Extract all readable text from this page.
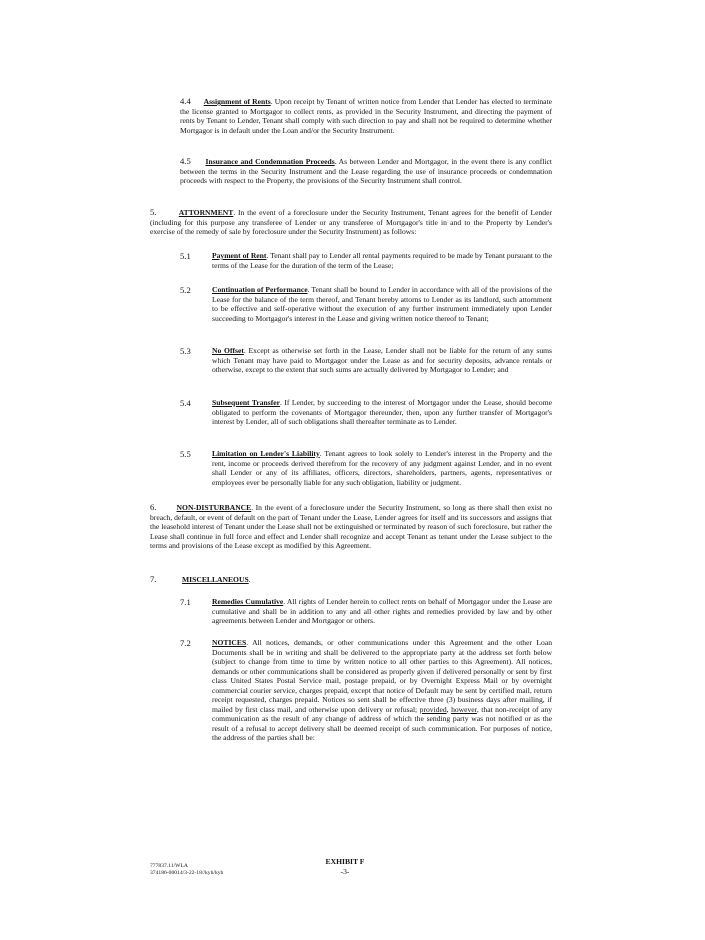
4.4 Assignment of Rents. Upon receipt by Tenant of written notice from Lender that Lender has elected to terminate the license granted to Mortgagor to collect rents, as provided in the Security Instrument, and directing the payment of rents by Tenant to Lender, Tenant shall comply with such direction to pay and shall not be required to determine whether Mortgagor is in default under the Loan and/or the Security Instrument.
4.5 Insurance and Condemnation Proceeds. As between Lender and Mortgagor, in the event there is any conflict between the terms in the Security Instrument and the Lease regarding the use of insurance proceeds or condemnation proceeds with respect to the Property, the provisions of the Security Instrument shall control.
5.	ATTORNMENT. In the event of a foreclosure under the Security Instrument, Tenant agrees for the benefit of Lender (including for this purpose any transferee of Lender or any transferee of Mortgagor's title in and to the Property by Lender's exercise of the remedy of sale by foreclosure under the Security Instrument) as follows:
5.1	Payment of Rent. Tenant shall pay to Lender all rental payments required to be made by Tenant pursuant to the terms of the Lease for the duration of the term of the Lease;
5.2	Continuation of Performance. Tenant shall be bound to Lender in accordance with all of the provisions of the Lease for the balance of the term thereof, and Tenant hereby attorns to Lender as its landlord, such attornment to be effective and self-operative without the execution of any further instrument immediately upon Lender succeeding to Mortgagor's interest in the Lease and giving written notice thereof to Tenant;
5.3	No Offset. Except as otherwise set forth in the Lease, Lender shall not be liable for the return of any sums which Tenant may have paid to Mortgagor under the Lease as and for security deposits, advance rentals or otherwise, except to the extent that such sums are actually delivered by Mortgagor to Lender; and
5.4	Subsequent Transfer. If Lender, by succeeding to the interest of Mortgagor under the Lease, should become obligated to perform the covenants of Mortgagor thereunder, then, upon any further transfer of Mortgagor's interest by Lender, all of such obligations shall thereafter terminate as to Lender.
5.5	Limitation on Lender's Liability. Tenant agrees to look solely to Lender's interest in the Property and the rent, income or proceeds derived therefrom for the recovery of any judgment against Lender, and in no event shall Lender or any of its affiliates, officers, directors, shareholders, partners, agents, representatives or employees ever be personally liable for any such obligation, liability or judgment.
6.	NON-DISTURBANCE. In the event of a foreclosure under the Security Instrument, so long as there shall then exist no breach, default, or event of default on the part of Tenant under the Lease, Lender agrees for itself and its successors and assigns that the leasehold interest of Tenant under the Lease shall not be extinguished or terminated by reason of such foreclosure, but rather the Lease shall continue in full force and effect and Lender shall recognize and accept Tenant as tenant under the Lease subject to the terms and provisions of the Lease except as modified by this Agreement.
7.	MISCELLANEOUS.
7.1	Remedies Cumulative. All rights of Lender herein to collect rents on behalf of Mortgagor under the Lease are cumulative and shall be in addition to any and all other rights and remedies provided by law and by other agreements between Lender and Mortgagor or others.
7.2	NOTICES. All notices, demands, or other communications under this Agreement and the other Loan Documents shall be in writing and shall be delivered to the appropriate party at the address set forth below (subject to change from time to time by written notice to all other parties to this Agreement). All notices, demands or other communications shall be considered as properly given if delivered personally or sent by first class United States Postal Service mail, postage prepaid, or by Overnight Express Mail or by overnight commercial courier service, charges prepaid, except that notice of Default may be sent by certified mail, return receipt requested, charges prepaid. Notices so sent shall be effective three (3) business days after mailing, if mailed by first class mail, and otherwise upon delivery or refusal; provided, however, that non-receipt of any communication as the result of any change of address of which the sending party was not notified or as the result of a refusal to accept delivery shall be deemed receipt of such communication. For purposes of notice, the address of the parties shall be:
777837.11/WLA
374186-00014/3-22-18//kyh/kyh
EXHIBIT F
-3-
